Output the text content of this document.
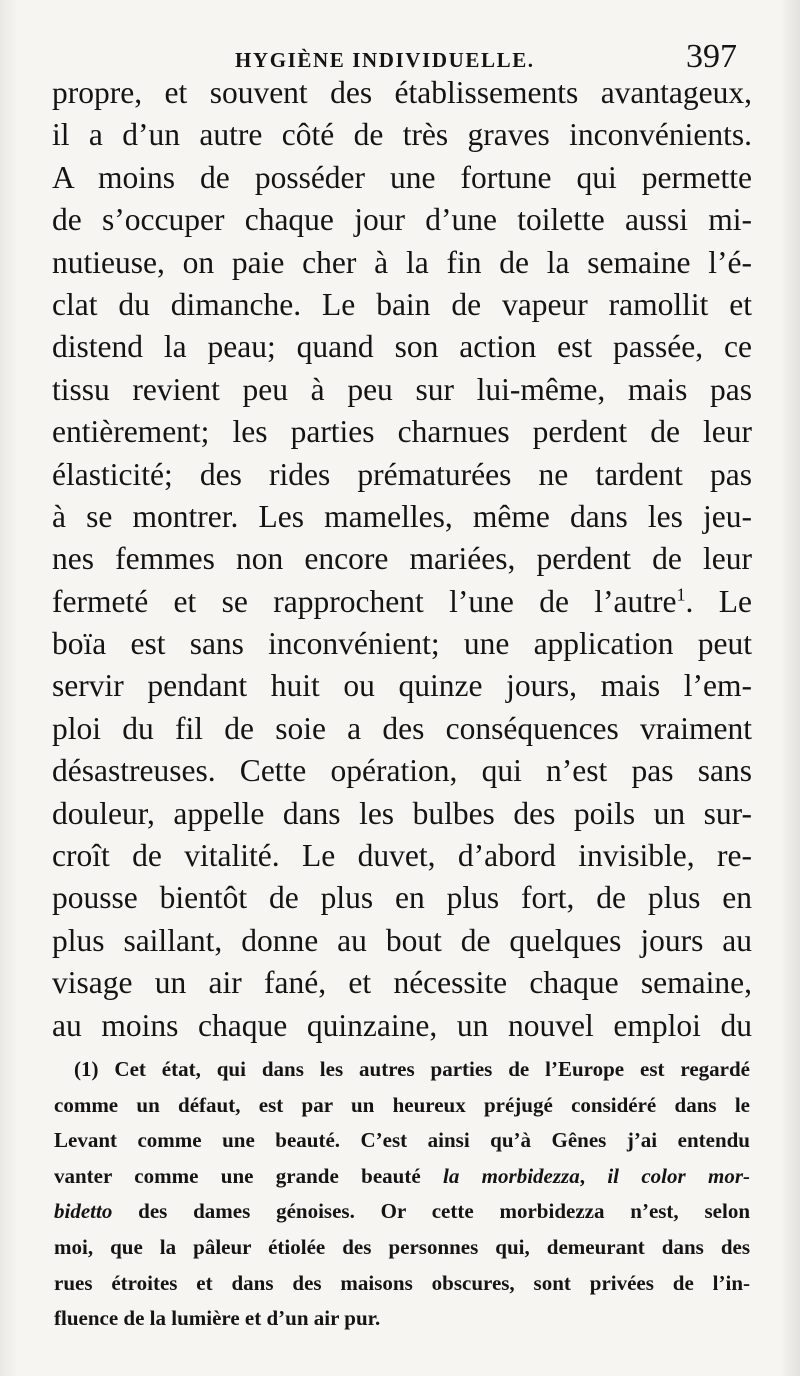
HYGIÈNE INDIVIDUELLE.	397
propre, et souvent des établissements avantageux,
il a d’un autre côté de très graves inconvénients.
A moins de posséder une fortune qui permette
de s’occuper chaque jour d’une toilette aussi mi-
nutieuse, on paie cher à la fin de la semaine l’é-
clat du dimanche. Le bain de vapeur ramollit et
distend la peau; quand son action est passée, ce
tissu revient peu à peu sur lui-même, mais pas
entièrement; les parties charnues perdent de leur
élasticité; des rides prématurées ne tardent pas
à se montrer. Les mamelles, même dans les jeu-
nes femmes non encore mariées, perdent de leur
fermeté et se rapprochent l’une de l’autre$^1$. Le
boïa est sans inconvénient; une application peut
servir pendant huit ou quinze jours, mais l’em-
ploi du fil de soie a des conséquences vraiment
désastreuses. Cette opération, qui n’est pas sans
douleur, appelle dans les bulbes des poils un sur-
croît de vitalité. Le duvet, d’abord invisible, re-
pousse bientôt de plus en plus fort, de plus en
plus saillant, donne au bout de quelques jours au
visage un air fané, et nécessite chaque semaine,
au moins chaque quinzaine, un nouvel emploi du
(1) Cet état, qui dans les autres parties de l’Europe est regardé
comme un défaut, est par un heureux préjugé considéré dans le
Levant comme une beauté. C’est ainsi qu’à Gênes j’ai entendu
vanter comme une grande beauté la morbidezza, il color mor-
bidetto des dames génoises. Or cette morbidezza n’est, selon
moi, que la pâleur étiolée des personnes qui, demeurant dans des
rues étroites et dans des maisons obscures, sont privées de l’in-
fluence de la lumière et d’un air pur.
